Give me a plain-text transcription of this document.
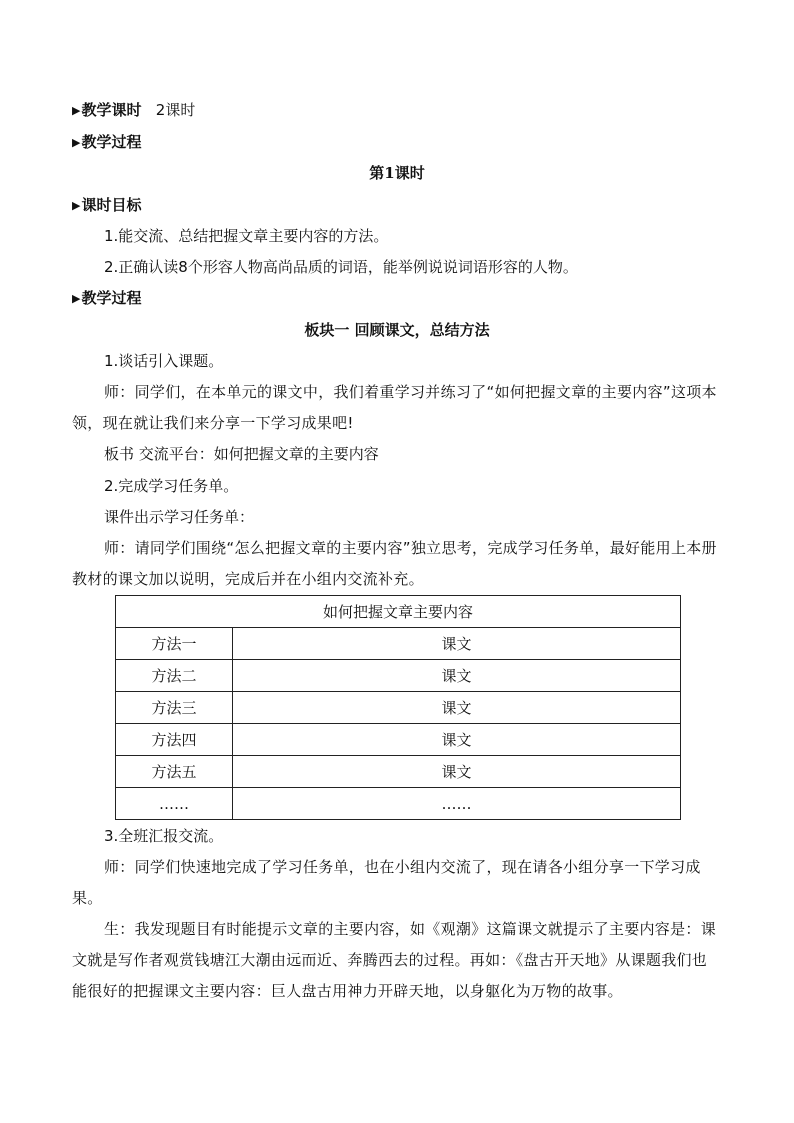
▶教学课时 2课时
▶教学过程
第1课时
▶课时目标
1.能交流、总结把握文章主要内容的方法。
2.正确认读8个形容人物高尚品质的词语，能举例说说词语形容的人物。
▶教学过程
板块一 回顾课文，总结方法
1.谈话引入课题。
师：同学们，在本单元的课文中，我们着重学习并练习了“如何把握文章的主要内容”这项本领，现在就让我们来分享一下学习成果吧!
板书 交流平台：如何把握文章的主要内容
2.完成学习任务单。
课件出示学习任务单：
师：请同学们围绕“怎么把握文章的主要内容”独立思考，完成学习任务单，最好能用上本册教材的课文加以说明，完成后并在小组内交流补充。
如何把握文章主要内容	
方法一	课文
方法二	课文
方法三	课文
方法四	课文
方法五	课文
……	……
3.全班汇报交流。
师：同学们快速地完成了学习任务单，也在小组内交流了，现在请各小组分享一下学习成果。
生：我发现题目有时能提示文章的主要内容，如《观潮》这篇课文就提示了主要内容是：课文就是写作者观赏钱塘江大潮由远而近、奔腾西去的过程。再如：《盘古开天地》从课题我们也能很好的把握课文主要内容：巨人盘古用神力开辟天地，以身躯化为万物的故事。
